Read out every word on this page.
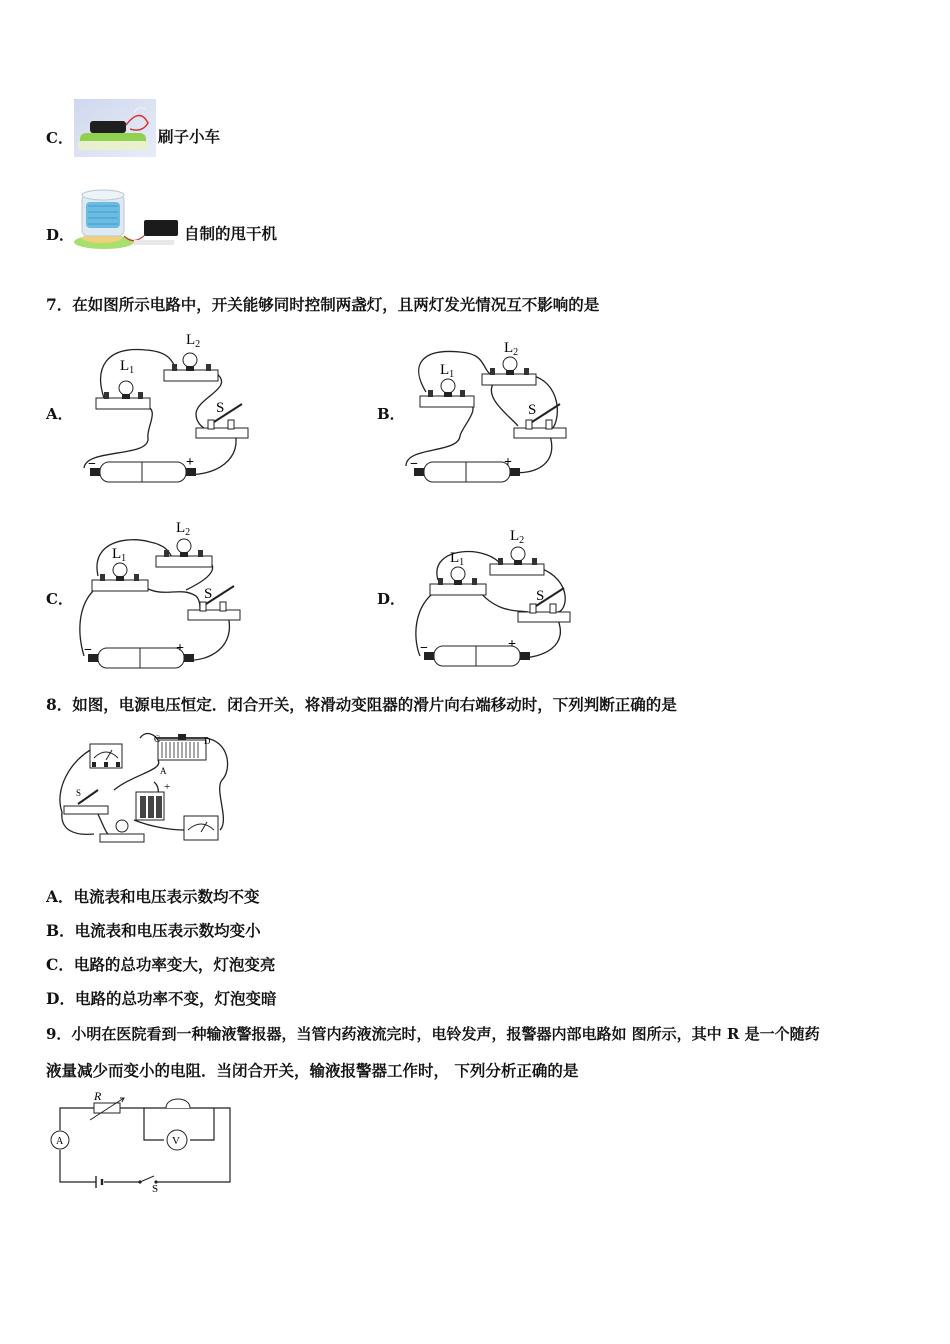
C．	刷子小车
D．	自制的甩干机
7．在如图所示电路中，开关能够同时控制两盏灯，且两灯发光情况互不影响的是
A．	B．
C．	D．
$L_1$
$L_2$
S
−	+
$L_1$
$L_2$
S
−	+
$L_1$
$L_2$
S
−	+
$L_1$
$L_2$
S
−	+
8．如图，电源电压恒定．闭合开关，将滑动变阻器的滑片向右端移动时，下列判断正确的是
C	D
A
S	+
A．电流表和电压表示数均不变
B．电流表和电压表示数均变小
C．电路的总功率变大，灯泡变亮
D．电路的总功率不变，灯泡变暗
9．小明在医院看到一种输液警报器，当管内药液流完时，电铃发声，报警器内部电路如 图所示，其中 R 是一个随药
液量减少而变小的电阻．当闭合开关，输液报警器工作时， 下列分析正确的是
R
A	V
S
